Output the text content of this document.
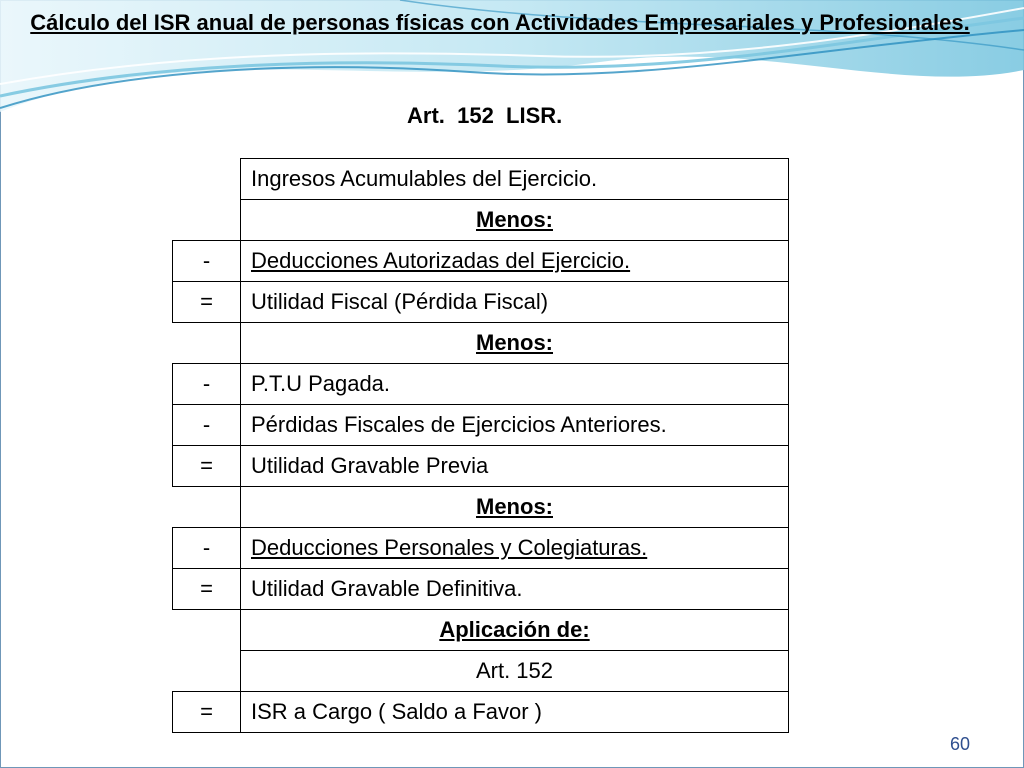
Cálculo del ISR anual de personas físicas con Actividades Empresariales y Profesionales.
Art.  152  LISR.
	Ingresos Acumulables del Ejercicio.
	Menos:
-	Deducciones Autorizadas del Ejercicio.
=	Utilidad Fiscal (Pérdida Fiscal)
	Menos:
-	P.T.U Pagada.
-	Pérdidas Fiscales de Ejercicios Anteriores.
=	Utilidad Gravable Previa
	Menos:
-	Deducciones Personales y Colegiaturas.
=	Utilidad Gravable Definitiva.
	Aplicación de:
	Art. 152
=	ISR a Cargo ( Saldo a Favor )
60
